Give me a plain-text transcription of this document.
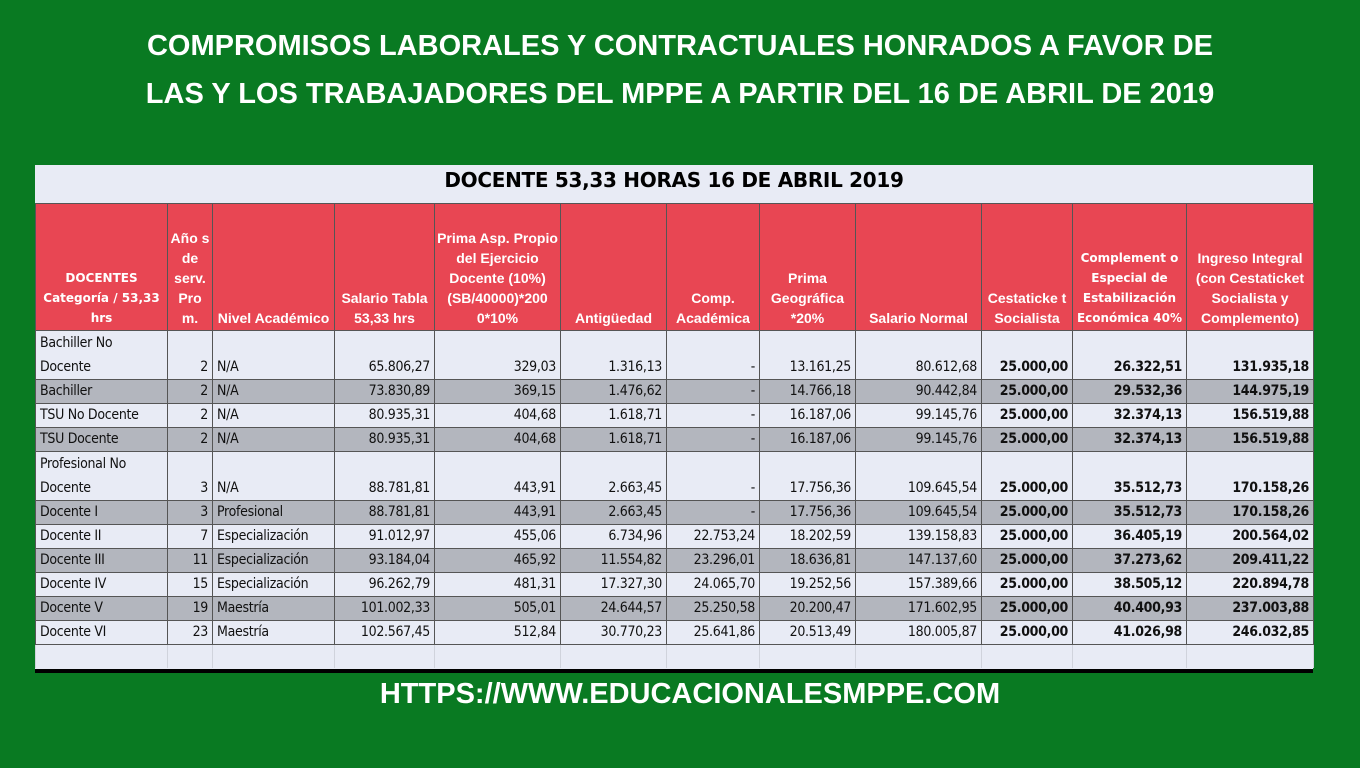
COMPROMISOS LABORALES Y CONTRACTUALES HONRADOS A FAVOR DE
LAS Y LOS TRABAJADORES DEL MPPE A PARTIR DEL 16 DE ABRIL DE 2019
DOCENTE 53,33 HORAS 16 DE ABRIL 2019
DOCENTES Categoría / 53,33 hrs	Año s de serv. Pro m.	Nivel Académico	Salario Tabla 53,33 hrs	Prima Asp. Propio del Ejercicio Docente (10%) (SB/40000)*200 0*10%	Antigüedad	Comp. Académica	Prima Geográfica *20%	Salario Normal	Cestaticke t Socialista	Complement o Especial de Estabilización Económica 40%	Ingreso Integral (con Cestaticket Socialista y Complemento)
Bachiller No Docente	2	N/A	65.806,27	329,03	1.316,13	-	13.161,25	80.612,68	25.000,00	26.322,51	131.935,18
Bachiller	2	N/A	73.830,89	369,15	1.476,62	-	14.766,18	90.442,84	25.000,00	29.532,36	144.975,19
TSU No Docente	2	N/A	80.935,31	404,68	1.618,71	-	16.187,06	99.145,76	25.000,00	32.374,13	156.519,88
TSU Docente	2	N/A	80.935,31	404,68	1.618,71	-	16.187,06	99.145,76	25.000,00	32.374,13	156.519,88
Profesional No Docente	3	N/A	88.781,81	443,91	2.663,45	-	17.756,36	109.645,54	25.000,00	35.512,73	170.158,26
Docente I	3	Profesional	88.781,81	443,91	2.663,45	-	17.756,36	109.645,54	25.000,00	35.512,73	170.158,26
Docente II	7	Especialización	91.012,97	455,06	6.734,96	22.753,24	18.202,59	139.158,83	25.000,00	36.405,19	200.564,02
Docente III	11	Especialización	93.184,04	465,92	11.554,82	23.296,01	18.636,81	147.137,60	25.000,00	37.273,62	209.411,22
Docente IV	15	Especialización	96.262,79	481,31	17.327,30	24.065,70	19.252,56	157.389,66	25.000,00	38.505,12	220.894,78
Docente V	19	Maestría	101.002,33	505,01	24.644,57	25.250,58	20.200,47	171.602,95	25.000,00	40.400,93	237.003,88
Docente VI	23	Maestría	102.567,45	512,84	30.770,23	25.641,86	20.513,49	180.005,87	25.000,00	41.026,98	246.032,85

HTTPS://WWW.EDUCACIONALESMPPE.COM
